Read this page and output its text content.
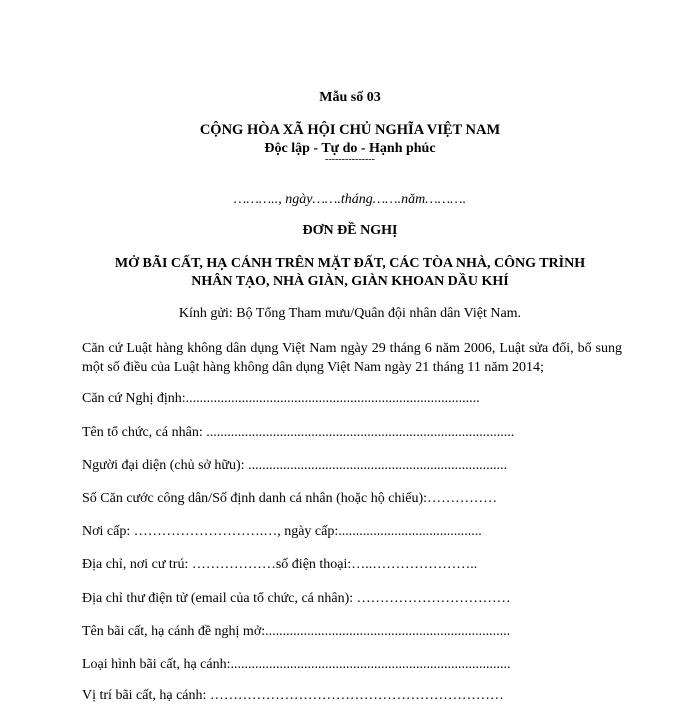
Mẫu số 03
CỘNG HÒA XÃ HỘI CHỦ NGHĨA VIỆT NAM
Độc lập - Tự do - Hạnh phúc
---------------
……….., ngày…….tháng…….năm……….
ĐƠN ĐỀ NGHỊ
MỞ BÃI CẤT, HẠ CÁNH TRÊN MẶT ĐẤT, CÁC TÒA NHÀ, CÔNG TRÌNH
NHÂN TẠO, NHÀ GIÀN, GIÀN KHOAN DẦU KHÍ
Kính gửi: Bộ Tổng Tham mưu/Quân đội nhân dân Việt Nam.
Căn cứ Luật hàng không dân dụng Việt Nam ngày 29 tháng 6 năm 2006, Luật sửa đổi, bổ sung một số điều của Luật hàng không dân dụng Việt Nam ngày 21 tháng 11 năm 2014;
Căn cứ Nghị định:....................................................................................
Tên tổ chức, cá nhân: ........................................................................................
Người đại diện (chủ sở hữu): ..........................................................................
Số Căn cước công dân/Số định danh cá nhân (hoặc hộ chiếu):……………
Nơi cấp: ……………………….…, ngày cấp:.........................................
Địa chỉ, nơi cư trú: ………………số điện thoại:…..…………………..
Địa chỉ thư điện tử (email của tổ chức, cá nhân): ……………………………
Tên bãi cất, hạ cánh đề nghị mở:......................................................................
Loại hình bãi cất, hạ cánh:................................................................................
Vị trí bãi cất, hạ cánh: ………………………………………………………
